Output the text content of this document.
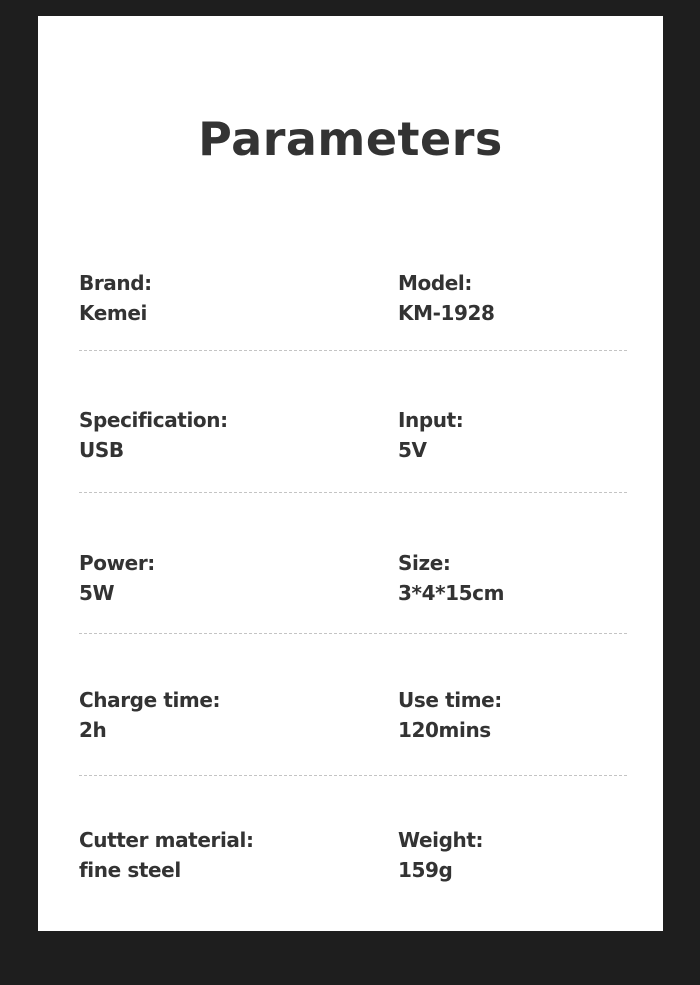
Parameters
Brand:
Kemei
Model:
KM-1928
Specification:
USB
Input:
5V
Power:
5W
Size:
3*4*15cm
Charge time:
2h
Use time:
120mins
Cutter material:
fine steel
Weight:
159g
